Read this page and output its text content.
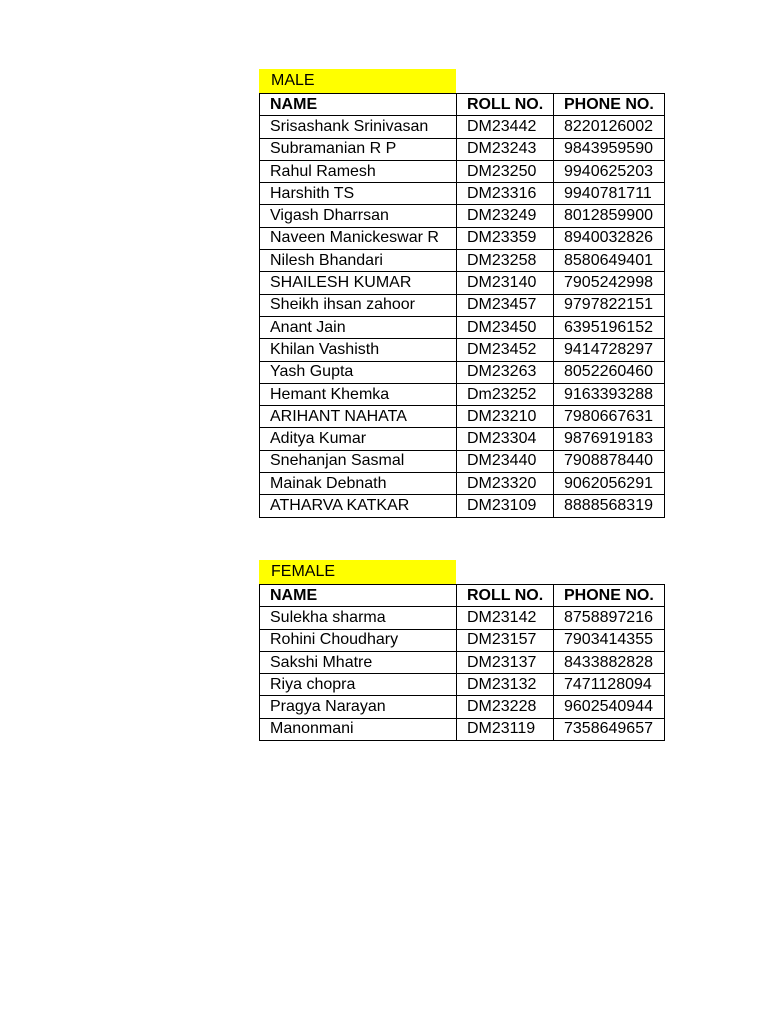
MALE
NAME	ROLL NO.	PHONE NO.
Srisashank Srinivasan	DM23442	8220126002
Subramanian R P	DM23243	9843959590
Rahul Ramesh	DM23250	9940625203
Harshith TS	DM23316	9940781711
Vigash Dharrsan	DM23249	8012859900
Naveen Manickeswar R	DM23359	8940032826
Nilesh Bhandari	DM23258	8580649401
SHAILESH KUMAR	DM23140	7905242998
Sheikh ihsan zahoor	DM23457	9797822151
Anant Jain	DM23450	6395196152
Khilan Vashisth	DM23452	9414728297
Yash Gupta	DM23263	8052260460
Hemant Khemka	Dm23252	9163393288
ARIHANT NAHATA	DM23210	7980667631
Aditya Kumar	DM23304	9876919183
Snehanjan Sasmal	DM23440	7908878440
Mainak Debnath	DM23320	9062056291
ATHARVA KATKAR	DM23109	8888568319
FEMALE
NAME	ROLL NO.	PHONE NO.
Sulekha sharma	DM23142	8758897216
Rohini Choudhary	DM23157	7903414355
Sakshi Mhatre	DM23137	8433882828
Riya chopra	DM23132	7471128094
Pragya Narayan	DM23228	9602540944
Manonmani	DM23119	7358649657
